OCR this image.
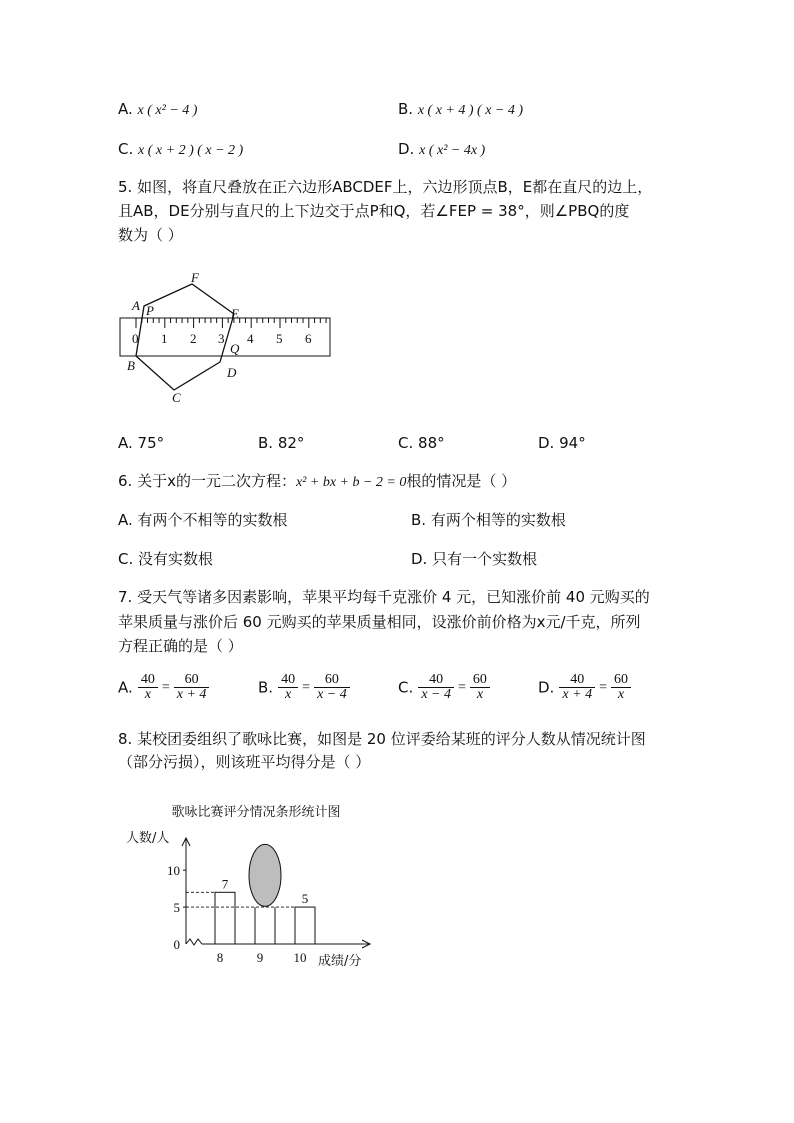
A. x ( x² − 4 )	B. x ( x + 4 ) ( x − 4 )
C. x ( x + 2 ) ( x − 2 )	D. x ( x² − 4x )
5. 如图，将直尺叠放在正六边形ABCDEF上，六边形顶点B，E都在直尺的边上，
且AB，DE分别与直尺的上下边交于点P和Q，若∠FEP = 38°，则∠PBQ的度
数为（ ）
0 1 2 3 4 5 6
A
F
E
P
Q
B
C
D
A. 75°	B. 82°	C. 88°	D. 94°
6. 关于x的一元二次方程：x² + bx + b − 2 = 0根的情况是（ ）
A. 有两个不相等的实数根	B. 有两个相等的实数根
C. 没有实数根	D. 只有一个实数根
7. 受天气等诸多因素影响，苹果平均每千克涨价 4 元，已知涨价前 40 元购买的
苹果质量与涨价后 60 元购买的苹果质量相同，设涨价前价格为x元/千克，所列
方程正确的是（ ）
A. $\frac{40}{x} = \frac{60}{x + 4}$	B. $\frac{40}{x} = \frac{60}{x - 4}$	C. $\frac{40}{x - 4} = \frac{60}{x}$	D. $\frac{40}{x + 4} = \frac{60}{x}$
8. 某校团委组织了歌咏比赛，如图是 20 位评委给某班的评分人数从情况统计图
（部分污损），则该班平均得分是（ ）
歌咏比赛评分情况条形统计图
人数/人
成绩/分
0
5
10
8
7
9 10
5
